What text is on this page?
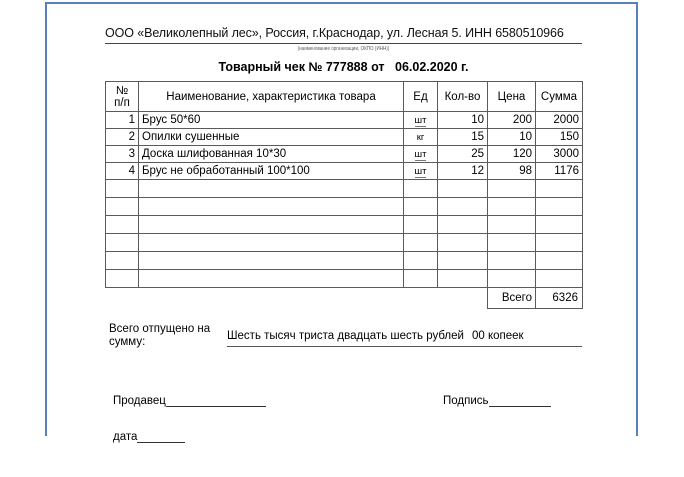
ООО «Великолепный лес», Россия, г.Краснодар, ул. Лесная 5. ИНН 6580510966
(наименование организации, ОКПО (ИНН))
Товарный чек № 777888 от 06.02.2020 г.
№
п/п	Наименование, характеристика товара	Ед	Кол-во	Цена	Сумма
1	Брус 50*60	шт	10	200	2000
2	Опилки сушенные	кг	15	10	150
3	Доска шлифованная 10*30	шт	25	120	3000
4	Брус не обработанный 100*100	шт	12	98	1176

				Всего	6326
Всего отпущено на сумму:	Шесть тысяч триста двадцать шесть рублей 00 копеек
Продавец	Подпись
дата
